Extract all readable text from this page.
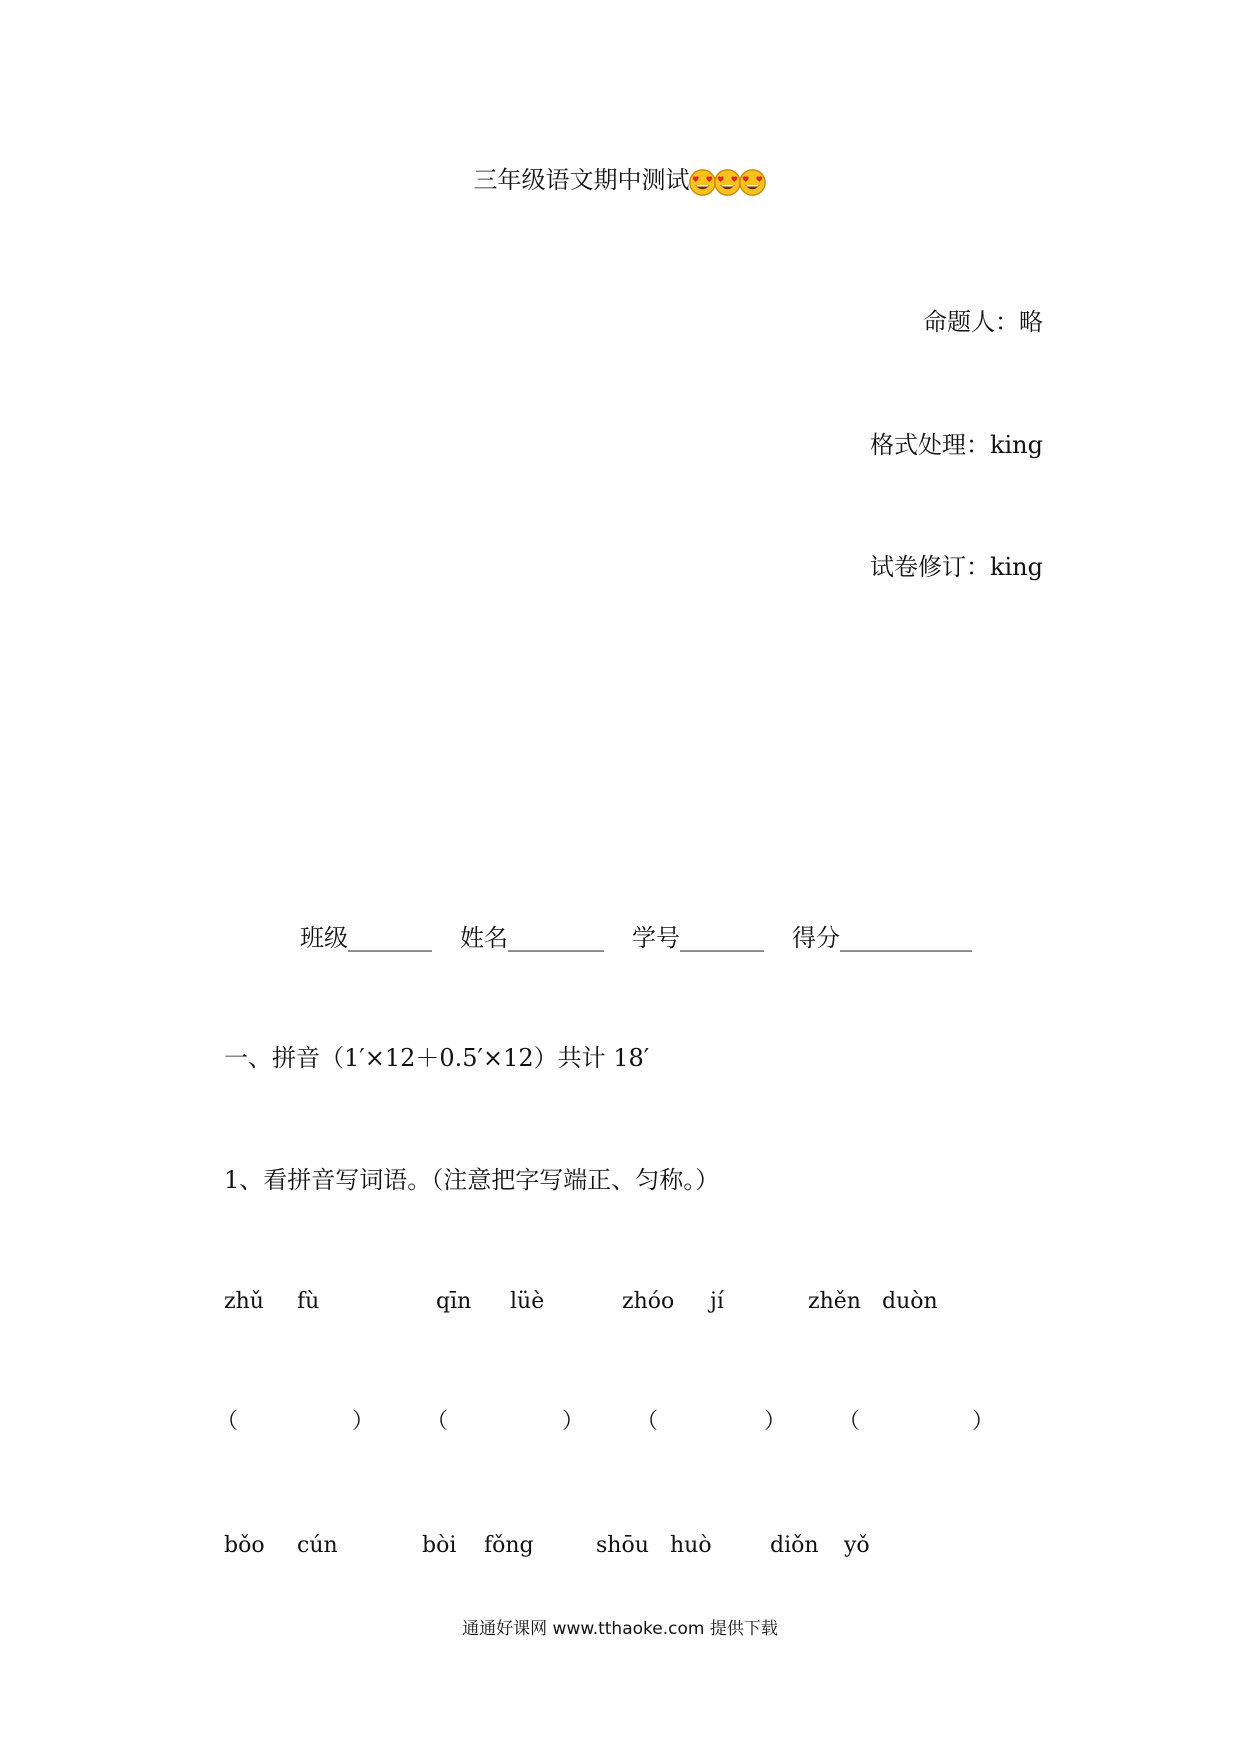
三年级语文期中测试
命题人：略
格式处理：king
试卷修订：king
班级_______ 姓名________ 学号_______ 得分___________
一、拼音（1′×12＋0.5′×12）共计 18′
1、看拼音写词语。（注意把字写端正、匀称。）
zhǔ fù	qīn lüè	zhóo jí	zhěn duòn
（	） （	） （	） （	）
bǒo cún	bòi fǒng	shōu huò	diǒn yǒ
通通好课网 www.tthaoke.com 提供下载
